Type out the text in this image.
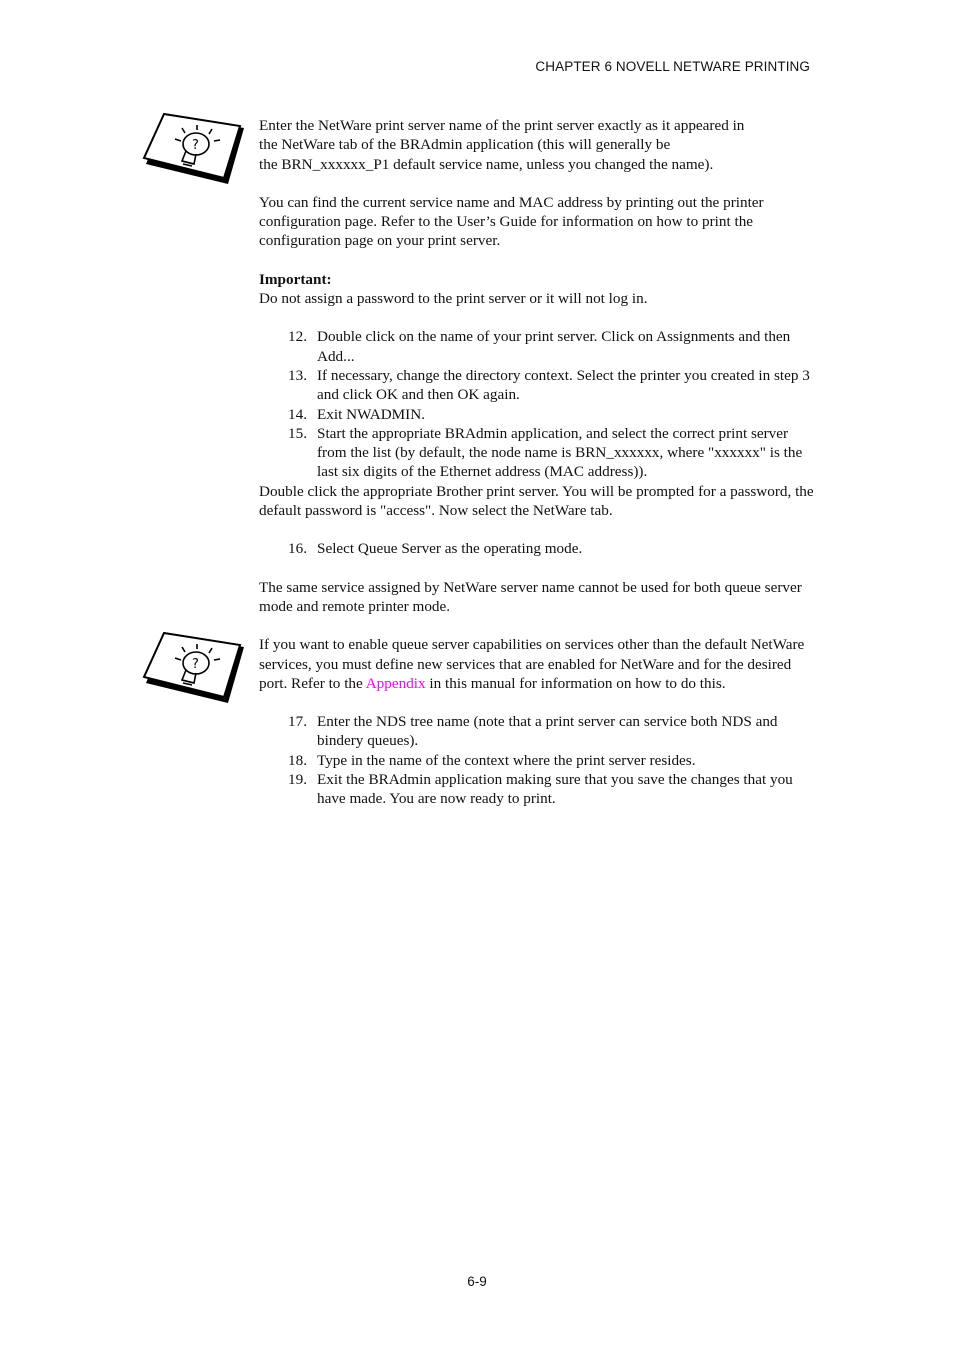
CHAPTER 6 NOVELL NETWARE PRINTING
?
?
Enter the NetWare print server name of the print server exactly as it appeared in
the NetWare tab of the BRAdmin application (this will generally be
the BRN_xxxxxx_P1 default service name, unless you changed the name).

You can find the current service name and MAC address by printing out the printer configuration page. Refer to the User’s Guide for information on how to print the configuration page on your print server.

Important:
Do not assign a password to the print server or it will not log in.
12. Double click on the name of your print server. Click on Assignments and then Add...
13. If necessary, change the directory context. Select the printer you created in step 3 and click OK and then OK again.
14. Exit NWADMIN.
15. Start the appropriate BRAdmin application, and select the correct print server from the list (by default, the node name is BRN_xxxxxx, where "xxxxxx" is the last six digits of the Ethernet address (MAC address)).

Double click the appropriate Brother print server. You will be prompted for a password, the default password is "access". Now select the NetWare tab.

16. Select Queue Server as the operating mode.

The same service assigned by NetWare server name cannot be used for both queue server mode and remote printer mode.

If you want to enable queue server capabilities on services other than the default NetWare services, you must define new services that are enabled for NetWare and for the desired port. Refer to the Appendix in this manual for information on how to do this.

17. Enter the NDS tree name (note that a print server can service both NDS and bindery queues).
18. Type in the name of the context where the print server resides.
19. Exit the BRAdmin application making sure that you save the changes that you have made. You are now ready to print.
6-9
